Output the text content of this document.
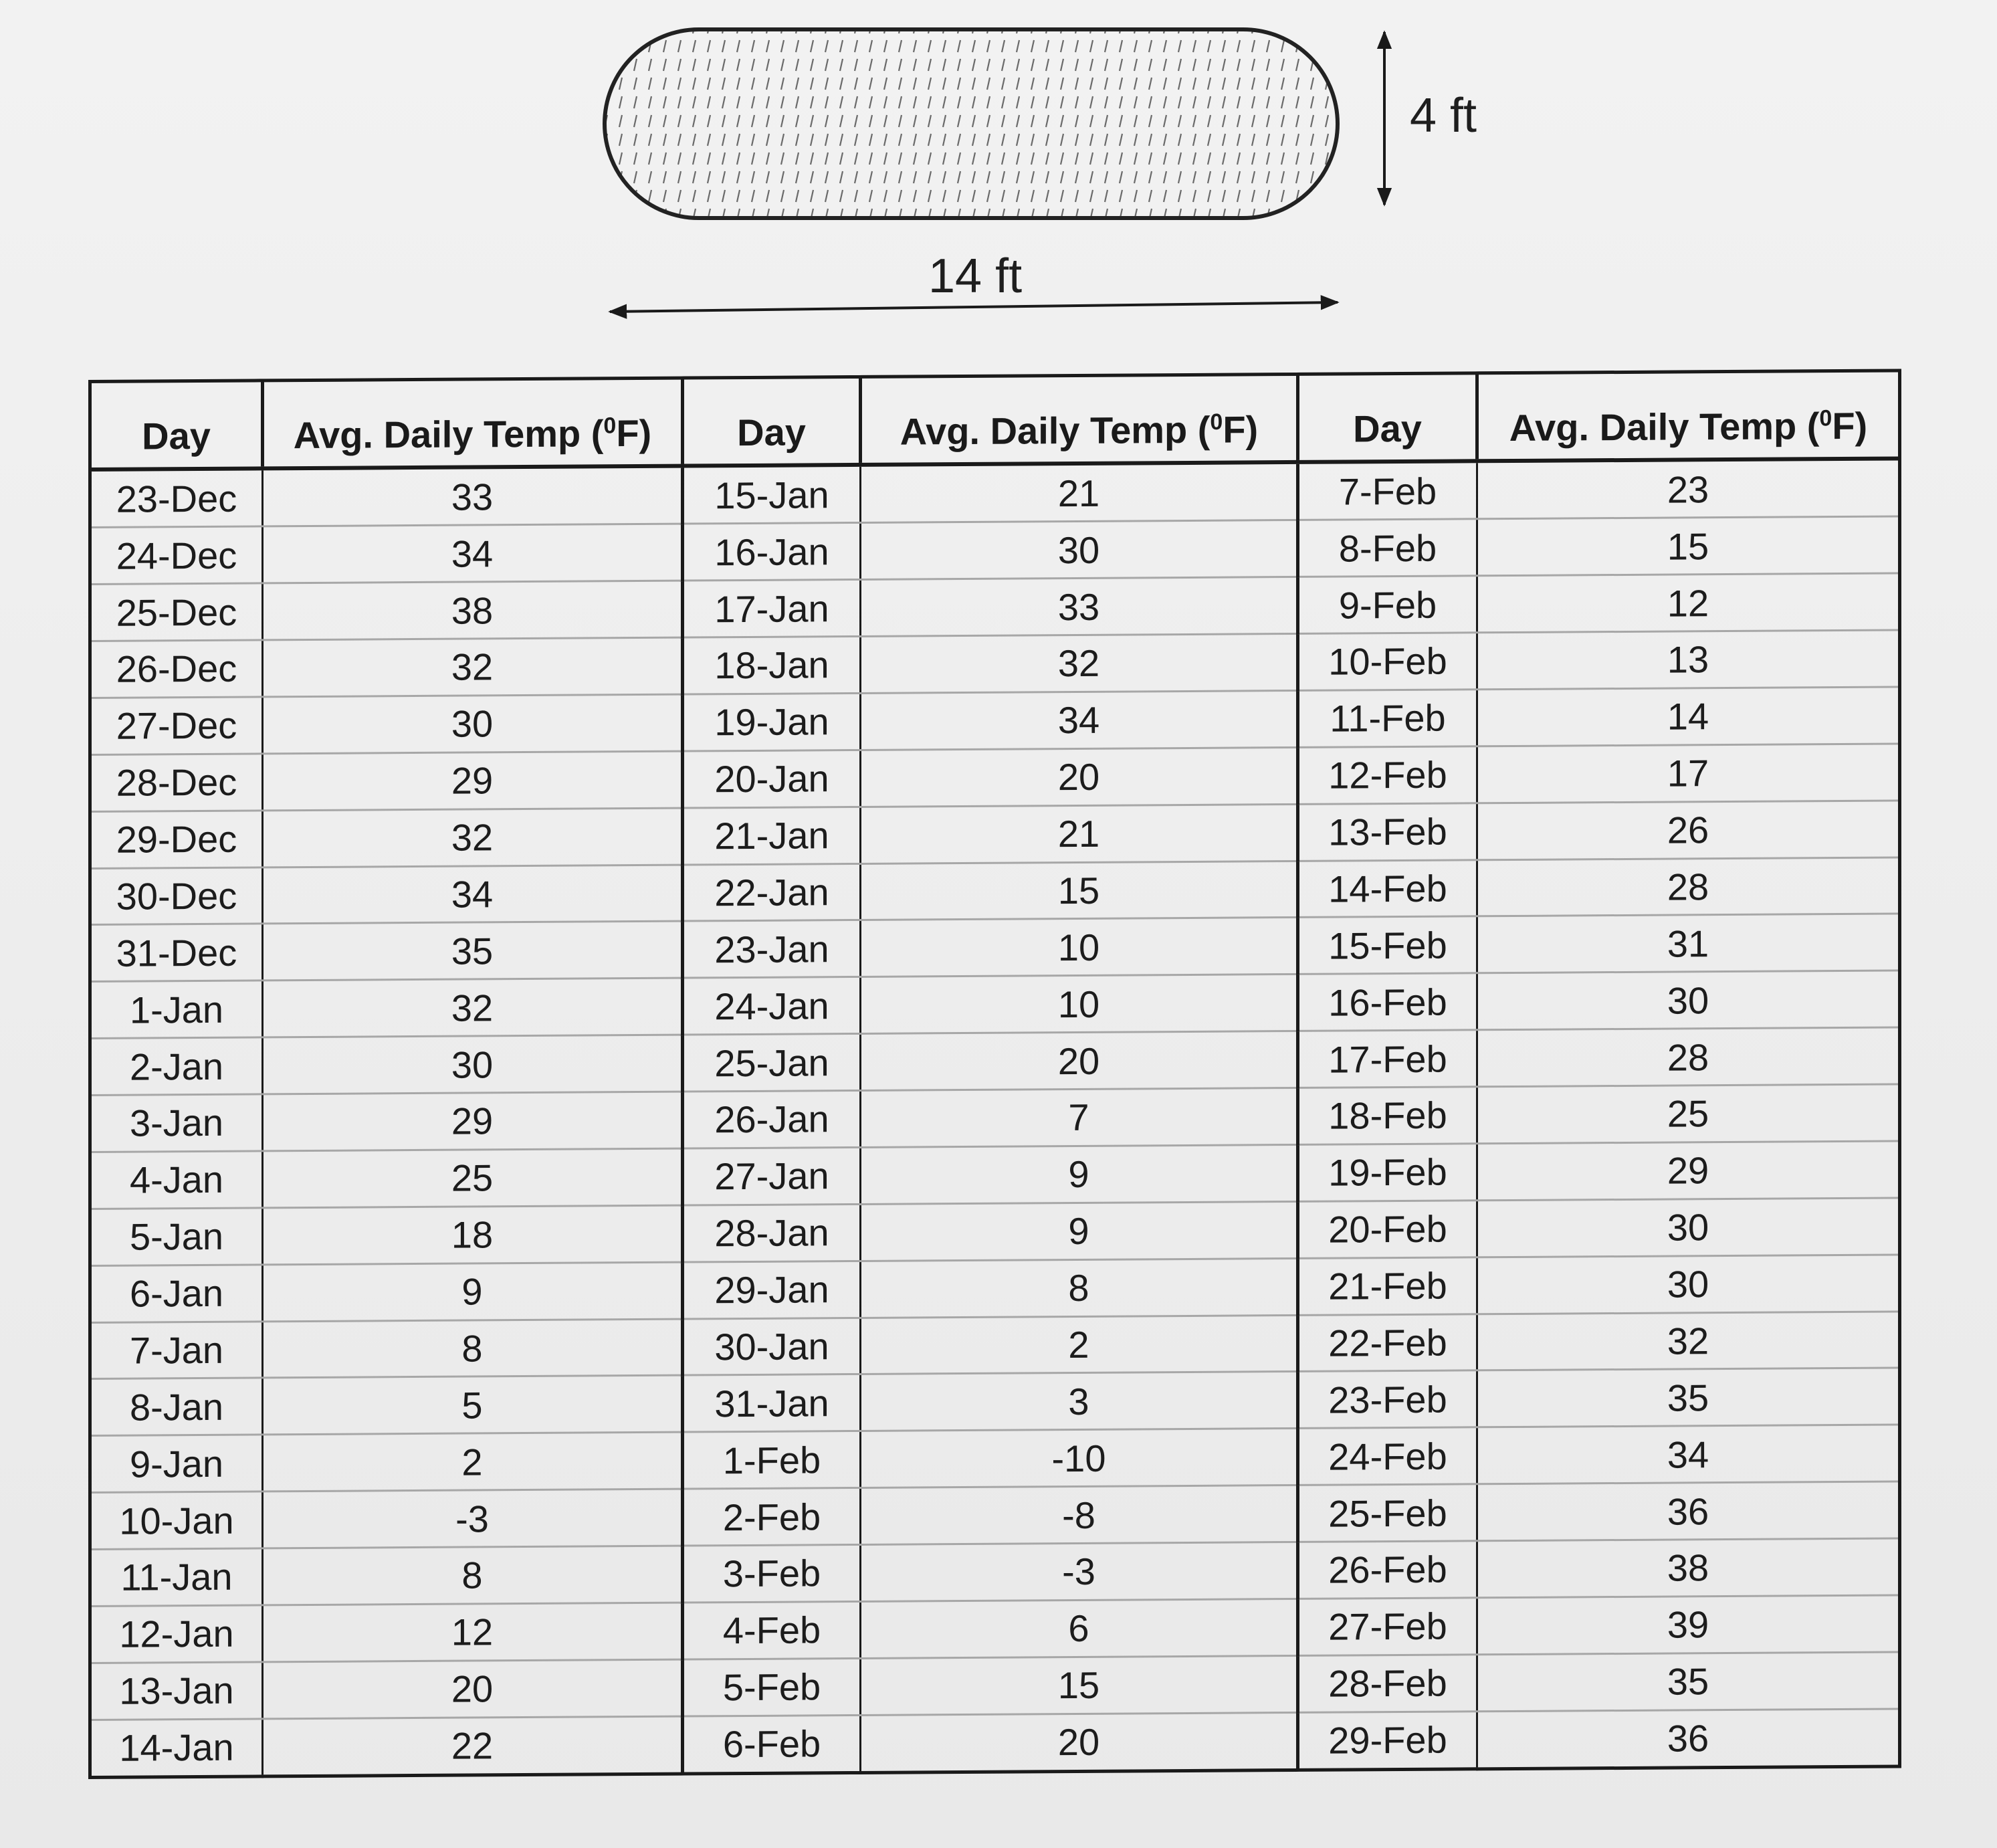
4 ft
14 ft
Day	Avg. Daily Temp ($^0$F)	Day	Avg. Daily Temp ($^0$F)	Day	Avg. Daily Temp ($^0$F)
23-Dec	33	15-Jan	21	7-Feb	23
24-Dec	34	16-Jan	30	8-Feb	15
25-Dec	38	17-Jan	33	9-Feb	12
26-Dec	32	18-Jan	32	10-Feb	13
27-Dec	30	19-Jan	34	11-Feb	14
28-Dec	29	20-Jan	20	12-Feb	17
29-Dec	32	21-Jan	21	13-Feb	26
30-Dec	34	22-Jan	15	14-Feb	28
31-Dec	35	23-Jan	10	15-Feb	31
1-Jan	32	24-Jan	10	16-Feb	30
2-Jan	30	25-Jan	20	17-Feb	28
3-Jan	29	26-Jan	7	18-Feb	25
4-Jan	25	27-Jan	9	19-Feb	29
5-Jan	18	28-Jan	9	20-Feb	30
6-Jan	9	29-Jan	8	21-Feb	30
7-Jan	8	30-Jan	2	22-Feb	32
8-Jan	5	31-Jan	3	23-Feb	35
9-Jan	2	1-Feb	-10	24-Feb	34
10-Jan	-3	2-Feb	-8	25-Feb	36
11-Jan	8	3-Feb	-3	26-Feb	38
12-Jan	12	4-Feb	6	27-Feb	39
13-Jan	20	5-Feb	15	28-Feb	35
14-Jan	22	6-Feb	20	29-Feb	36
